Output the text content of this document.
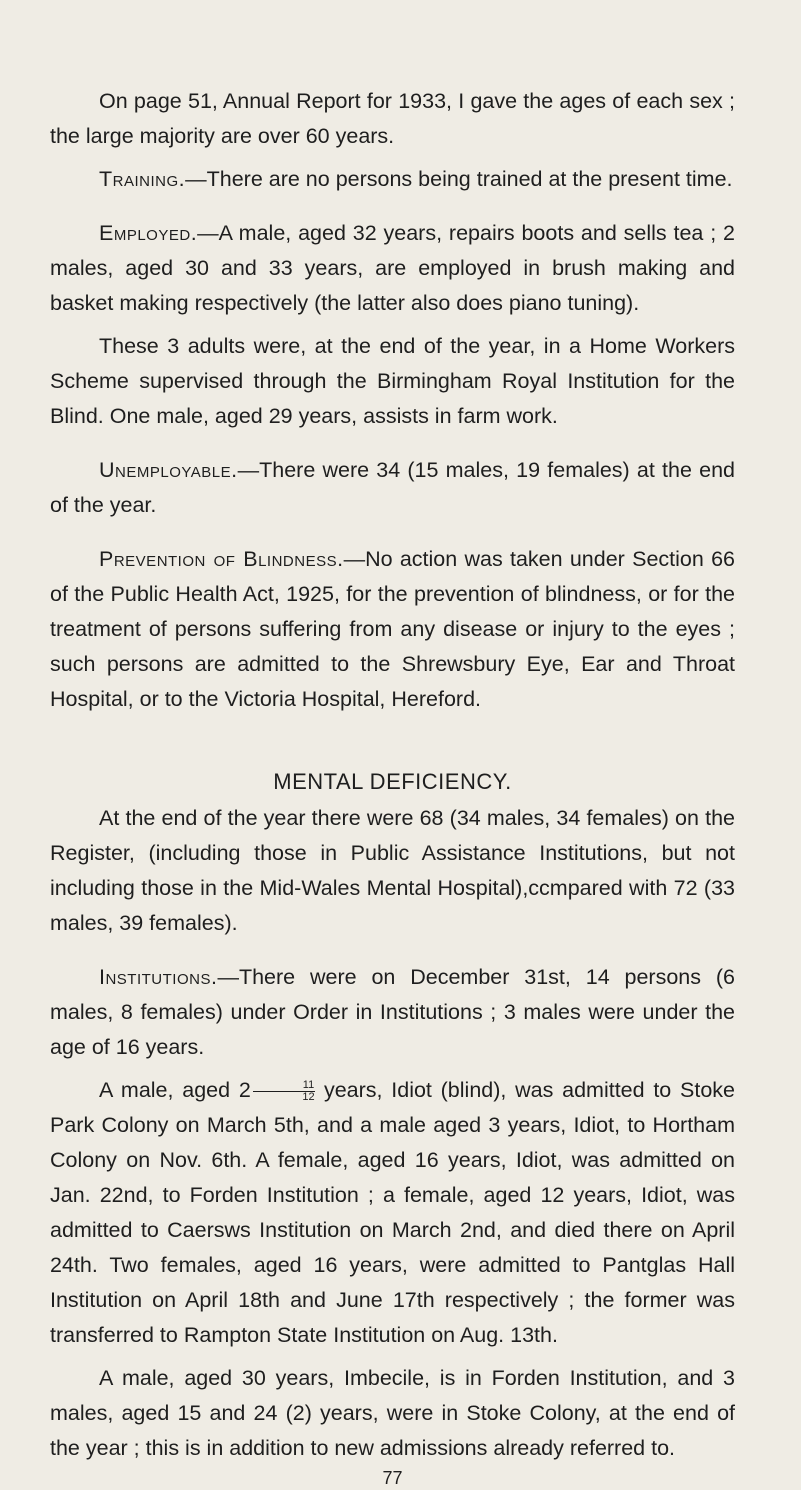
On page 51, Annual Report for 1933, I gave the ages of each sex ; the large majority are over 60 years.

Training.—There are no persons being trained at the present time.

Employed.—A male, aged 32 years, repairs boots and sells tea ; 2 males, aged 30 and 33 years, are employed in brush making and basket making respectively (the latter also does piano tuning).

These 3 adults were, at the end of the year, in a Home Workers Scheme supervised through the Birmingham Royal Institution for the Blind. One male, aged 29 years, assists in farm work.

Unemployable.—There were 34 (15 males, 19 females) at the end of the year.

Prevention of Blindness.—No action was taken under Section 66 of the Public Health Act, 1925, for the prevention of blindness, or for the treatment of persons suffering from any disease or injury to the eyes ; such persons are admitted to the Shrewsbury Eye, Ear and Throat Hospital, or to the Victoria Hospital, Hereford.

MENTAL DEFICIENCY.

At the end of the year there were 68 (34 males, 34 females) on the Register, (including those in Public Assistance Institutions, but not including those in the Mid-Wales Mental Hospital),ccmpared with 72 (33 males, 39 females).

Institutions.—There were on December 31st, 14 persons (6 males, 8 females) under Order in Institutions ; 3 males were under the age of 16 years.

A male, aged $2 \frac{11}{12}$ years, Idiot (blind), was admitted to Stoke Park Colony on March 5th, and a male aged 3 years, Idiot, to Hortham Colony on Nov. 6th. A female, aged 16 years, Idiot, was admitted on Jan. 22nd, to Forden Institution ; a female, aged 12 years, Idiot, was admitted to Caersws Institution on March 2nd, and died there on April 24th. Two females, aged 16 years, were admitted to Pantglas Hall Institution on April 18th and June 17th respectively ; the former was transferred to Rampton State Institution on Aug. 13th.

A male, aged 30 years, Imbecile, is in Forden Institution, and 3 males, aged 15 and 24 (2) years, were in Stoke Colony, at the end of the year ; this is in addition to new admissions already referred to.

77
